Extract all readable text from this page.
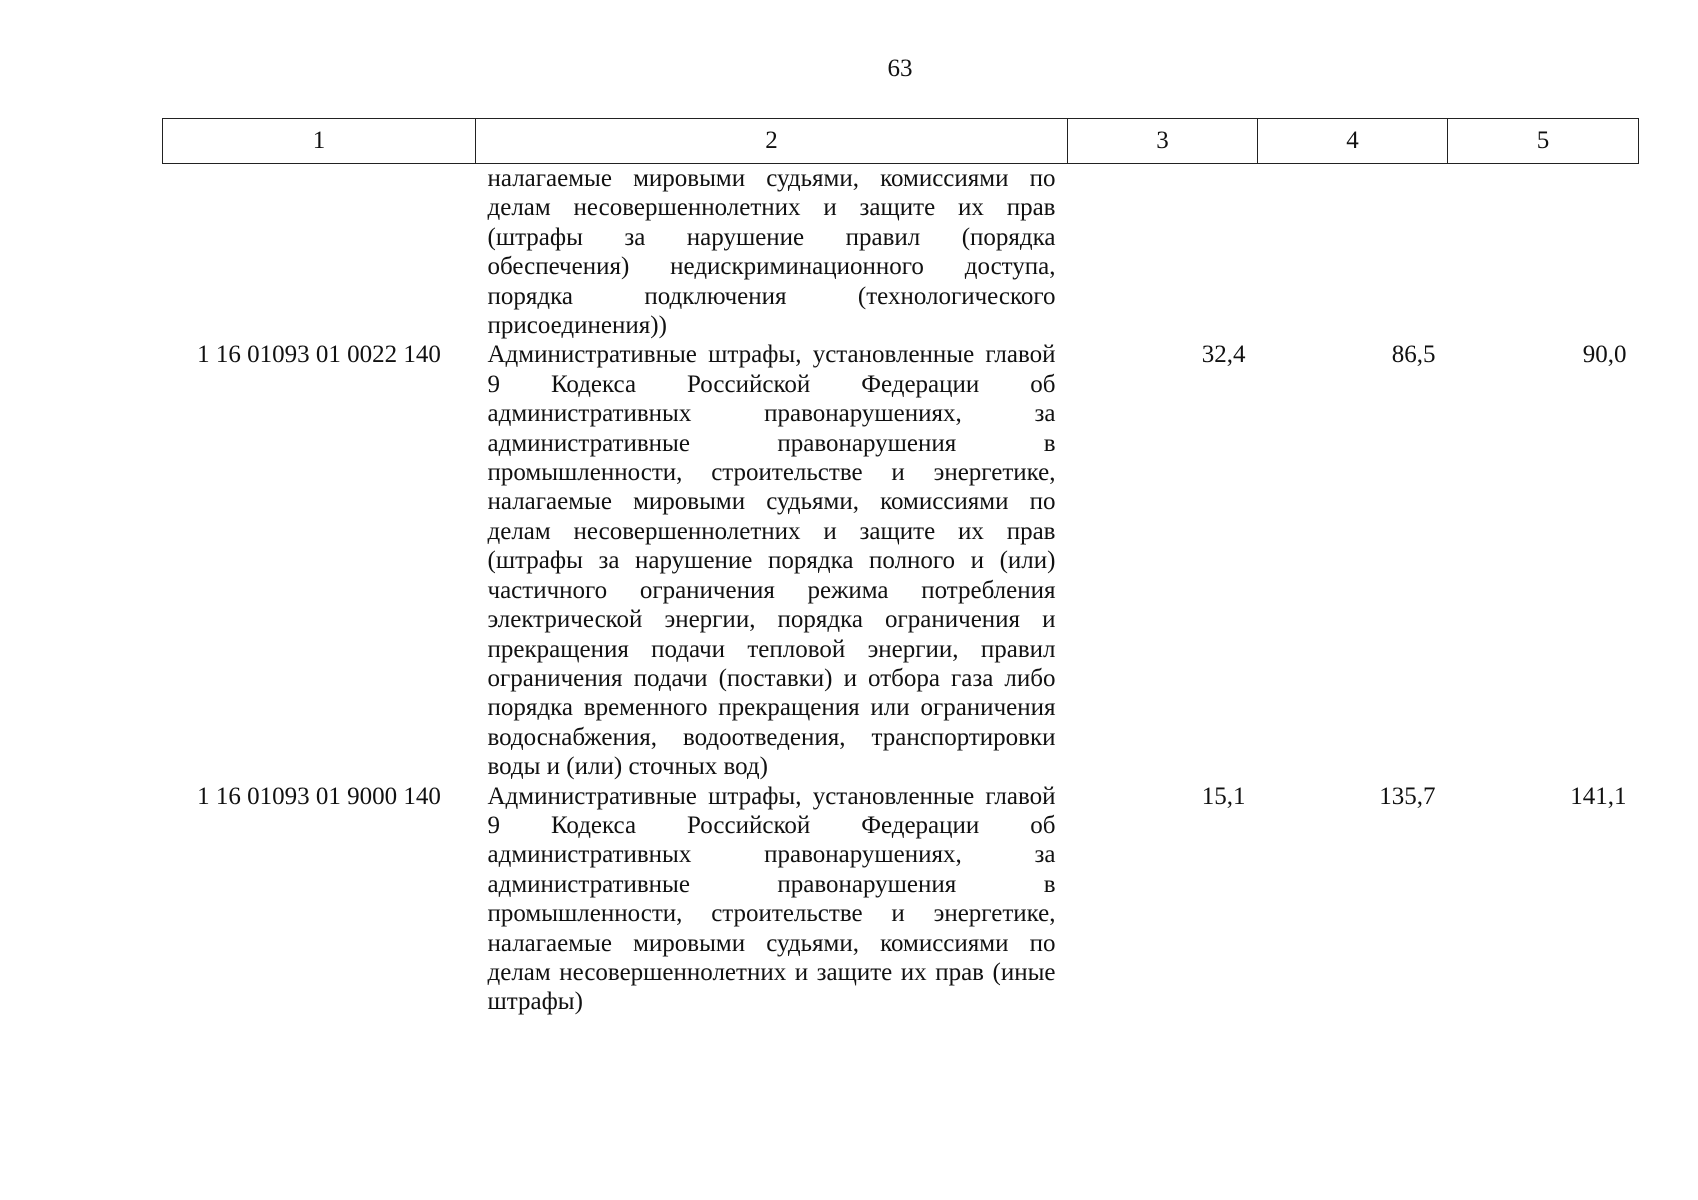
63
1	2	3	4	5

	налагаемые мировыми судьями, комиссиями по делам несовершеннолетних и защите их прав (штрафы за нарушение правил (порядка обеспечения) недискриминационного доступа, порядка подключения (технологического присоединения))			

1 16 01093 01 0022 140	Административные штрафы, установленные главой 9 Кодекса Российской Федерации об административных правонарушениях, за административные правонарушения в промышленности, строительстве и энергетике, налагаемые мировыми судьями, комиссиями по делам несовершеннолетних и защите их прав (штрафы за нарушение порядка полного и (или) частичного ограничения режима потребления электрической энергии, порядка ограничения и прекращения подачи тепловой энергии, правил ограничения подачи (поставки) и отбора газа либо порядка временного прекращения или ограничения водоснабжения, водоотведения, транспортировки воды и (или) сточных вод)	32,4	86,5	90,0
1 16 01093 01 9000 140	Административные штрафы, установленные главой 9 Кодекса Российской Федерации об административных правонарушениях, за административные правонарушения в промышленности, строительстве и энергетике, налагаемые мировыми судьями, комиссиями по делам несовершеннолетних и защите их прав (иные штрафы)	15,1	135,7	141,1
